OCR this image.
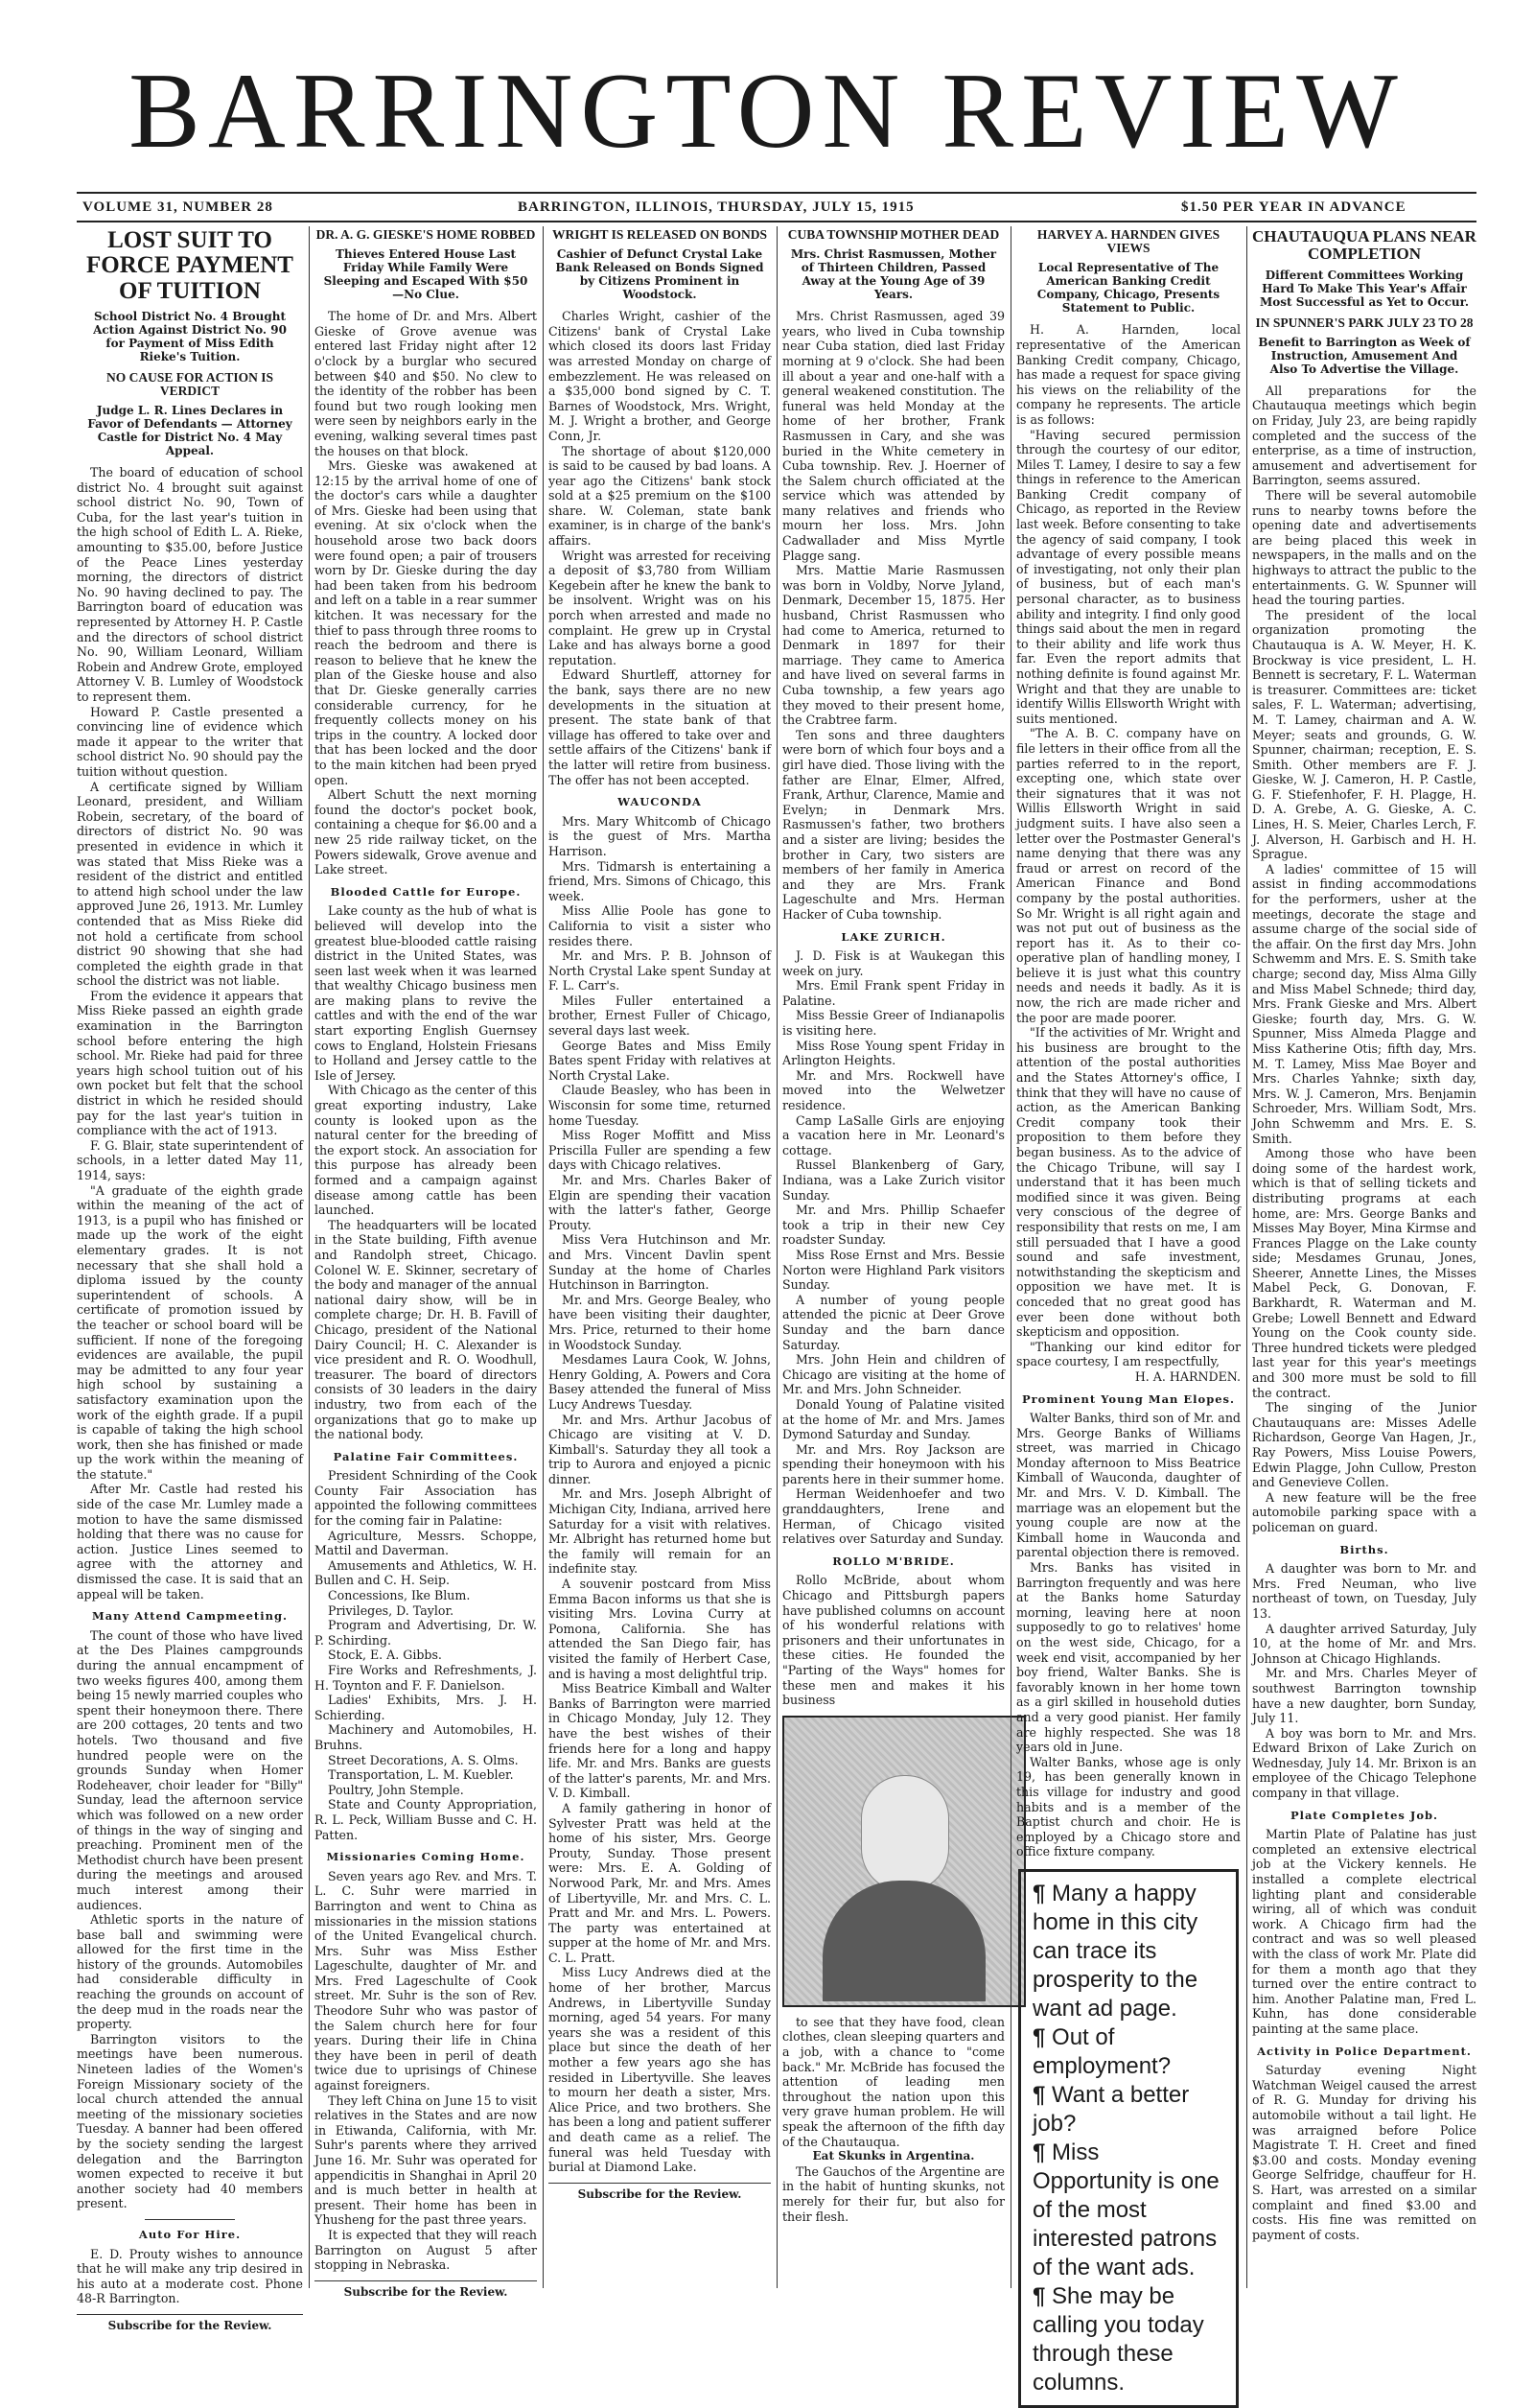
BARRINGTON REVIEW
VOLUME 31, NUMBER 28	BARRINGTON, ILLINOIS, THURSDAY, JULY 15, 1915	$1.50 PER YEAR IN ADVANCE
LOST SUIT TO FORCE PAYMENT OF TUITION
School District No. 4 Brought Action Against District No. 90 for Payment of Miss Edith Rieke's Tuition.
NO CAUSE FOR ACTION IS VERDICT
Judge L. R. Lines Declares in Favor of Defendants — Attorney Castle for District No. 4 May Appeal.

The board of education of school district No. 4 brought suit against school district No. 90, Town of Cuba, for the last year's tuition in the high school of Edith L. A. Rieke, amounting to $35.00, before Justice of the Peace Lines yesterday morning, the directors of district No. 90 having declined to pay. The Barrington board of education was represented by Attorney H. P. Castle and the directors of school district No. 90, William Leonard, William Robein and Andrew Grote, employed Attorney V. B. Lumley of Woodstock to represent them.

Howard P. Castle presented a convincing line of evidence which made it appear to the writer that school district No. 90 should pay the tuition without question.

A certificate signed by William Leonard, president, and William Robein, secretary, of the board of directors of district No. 90 was presented in evidence in which it was stated that Miss Rieke was a resident of the district and entitled to attend high school under the law approved June 26, 1913. Mr. Lumley contended that as Miss Rieke did not hold a certificate from school district 90 showing that she had completed the eighth grade in that school the district was not liable.

From the evidence it appears that Miss Rieke passed an eighth grade examination in the Barrington school before entering the high school. Mr. Rieke had paid for three years high school tuition out of his own pocket but felt that the school district in which he resided should pay for the last year's tuition in compliance with the act of 1913.

F. G. Blair, state superintendent of schools, in a letter dated May 11, 1914, says:

"A graduate of the eighth grade within the meaning of the act of 1913, is a pupil who has finished or made up the work of the eight elementary grades. It is not necessary that she shall hold a diploma issued by the county superintendent of schools. A certificate of promotion issued by the teacher or school board will be sufficient. If none of the foregoing evidences are available, the pupil may be admitted to any four year high school by sustaining a satisfactory examination upon the work of the eighth grade. If a pupil is capable of taking the high school work, then she has finished or made up the work within the meaning of the statute."

After Mr. Castle had rested his side of the case Mr. Lumley made a motion to have the same dismissed holding that there was no cause for action. Justice Lines seemed to agree with the attorney and dismissed the case. It is said that an appeal will be taken.

Many Attend Campmeeting.

The count of those who have lived at the Des Plaines campgrounds during the annual encampment of two weeks figures 400, among them being 15 newly married couples who spent their honeymoon there. There are 200 cottages, 20 tents and two hotels. Two thousand and five hundred people were on the grounds Sunday when Homer Rodeheaver, choir leader for "Billy" Sunday, lead the afternoon service which was followed on a new order of things in the way of singing and preaching. Prominent men of the Methodist church have been present during the meetings and aroused much interest among their audiences.

Athletic sports in the nature of base ball and swimming were allowed for the first time in the history of the grounds. Automobiles had considerable difficulty in reaching the grounds on account of the deep mud in the roads near the property.

Barrington visitors to the meetings have been numerous. Nineteen ladies of the Women's Foreign Missionary society of the local church attended the annual meeting of the missionary societies Tuesday. A banner had been offered by the society sending the largest delegation and the Barrington women expected to receive it but another society had 40 members present.

Auto For Hire.

E. D. Prouty wishes to announce that he will make any trip desired in his auto at a moderate cost. Phone 48-R Barrington.

Subscribe for the Review.
DR. A. G. GIESKE'S HOME ROBBED
Thieves Entered House Last Friday While Family Were Sleeping and Escaped With $50—No Clue.

The home of Dr. and Mrs. Albert Gieske of Grove avenue was entered last Friday night after 12 o'clock by a burglar who secured between $40 and $50. No clew to the identity of the robber has been found but two rough looking men were seen by neighbors early in the evening, walking several times past the houses on that block.

Mrs. Gieske was awakened at 12:15 by the arrival home of one of the doctor's cars while a daughter of Mrs. Gieske had been using that evening. At six o'clock when the household arose two back doors were found open; a pair of trousers worn by Dr. Gieske during the day had been taken from his bedroom and left on a table in a rear summer kitchen. It was necessary for the thief to pass through three rooms to reach the bedroom and there is reason to believe that he knew the plan of the Gieske house and also that Dr. Gieske generally carries considerable currency, for he frequently collects money on his trips in the country. A locked door that has been locked and the door to the main kitchen had been pryed open.

Albert Schutt the next morning found the doctor's pocket book, containing a cheque for $6.00 and a new 25 ride railway ticket, on the Powers sidewalk, Grove avenue and Lake street.

Blooded Cattle for Europe.

Lake county as the hub of what is believed will develop into the greatest blue-blooded cattle raising district in the United States, was seen last week when it was learned that wealthy Chicago business men are making plans to revive the cattles and with the end of the war start exporting English Guernsey cows to England, Holstein Friesans to Holland and Jersey cattle to the Isle of Jersey.

With Chicago as the center of this great exporting industry, Lake county is looked upon as the natural center for the breeding of the export stock. An association for this purpose has already been formed and a campaign against disease among cattle has been launched.

The headquarters will be located in the State building, Fifth avenue and Randolph street, Chicago. Colonel W. E. Skinner, secretary of the body and manager of the annual national dairy show, will be in complete charge; Dr. H. B. Favill of Chicago, president of the National Dairy Council; H. C. Alexander is vice president and R. O. Woodhull, treasurer. The board of directors consists of 30 leaders in the dairy industry, two from each of the organizations that go to make up the national body.

Palatine Fair Committees.

President Schnirding of the Cook County Fair Association has appointed the following committees for the coming fair in Palatine:

Agriculture, Messrs. Schoppe, Mattil and Daverman.

Amusements and Athletics, W. H. Bullen and C. H. Seip.

Concessions, Ike Blum.

Privileges, D. Taylor.

Program and Advertising, Dr. W. P. Schirding.

Stock, E. A. Gibbs.

Fire Works and Refreshments, J. H. Toynton and F. F. Danielson.

Ladies' Exhibits, Mrs. J. H. Schierding.

Machinery and Automobiles, H. Bruhns.

Street Decorations, A. S. Olms.

Transportation, L. M. Kuebler.

Poultry, John Stemple.

State and County Appropriation, R. L. Peck, William Busse and C. H. Patten.

Missionaries Coming Home.

Seven years ago Rev. and Mrs. T. L. C. Suhr were married in Barrington and went to China as missionaries in the mission stations of the United Evangelical church. Mrs. Suhr was Miss Esther Lageschulte, daughter of Mr. and Mrs. Fred Lageschulte of Cook street. Mr. Suhr is the son of Rev. Theodore Suhr who was pastor of the Salem church here for four years. During their life in China they have been in peril of death twice due to uprisings of Chinese against foreigners.

They left China on June 15 to visit relatives in the States and are now in Etiwanda, California, with Mr. Suhr's parents where they arrived June 16. Mr. Suhr was operated for appendicitis in Shanghai in April 20 and is much better in health at present. Their home has been in Yhusheng for the past three years.

It is expected that they will reach Barrington on August 5 after stopping in Nebraska.

Subscribe for the Review.
WRIGHT IS RELEASED ON BONDS
Cashier of Defunct Crystal Lake Bank Released on Bonds Signed by Citizens Prominent in Woodstock.

Charles Wright, cashier of the Citizens' bank of Crystal Lake which closed its doors last Friday was arrested Monday on charge of embezzlement. He was released on a $35,000 bond signed by C. T. Barnes of Woodstock, Mrs. Wright, M. J. Wright a brother, and George Conn, Jr.

The shortage of about $120,000 is said to be caused by bad loans. A year ago the Citizens' bank stock sold at a $25 premium on the $100 share. W. Coleman, state bank examiner, is in charge of the bank's affairs.

Wright was arrested for receiving a deposit of $3,780 from William Kegebein after he knew the bank to be insolvent. Wright was on his porch when arrested and made no complaint. He grew up in Crystal Lake and has always borne a good reputation.

Edward Shurtleff, attorney for the bank, says there are no new developments in the situation at present. The state bank of that village has offered to take over and settle affairs of the Citizens' bank if the latter will retire from business. The offer has not been accepted.

WAUCONDA

Mrs. Mary Whitcomb of Chicago is the guest of Mrs. Martha Harrison.

Mrs. Tidmarsh is entertaining a friend, Mrs. Simons of Chicago, this week.

Miss Allie Poole has gone to California to visit a sister who resides there.

Mr. and Mrs. P. B. Johnson of North Crystal Lake spent Sunday at F. L. Carr's.

Miles Fuller entertained a brother, Ernest Fuller of Chicago, several days last week.

George Bates and Miss Emily Bates spent Friday with relatives at North Crystal Lake.

Claude Beasley, who has been in Wisconsin for some time, returned home Tuesday.

Miss Roger Moffitt and Miss Priscilla Fuller are spending a few days with Chicago relatives.

Mr. and Mrs. Charles Baker of Elgin are spending their vacation with the latter's father, George Prouty.

Miss Vera Hutchinson and Mr. and Mrs. Vincent Davlin spent Sunday at the home of Charles Hutchinson in Barrington.

Mr. and Mrs. George Bealey, who have been visiting their daughter, Mrs. Price, returned to their home in Woodstock Sunday.

Mesdames Laura Cook, W. Johns, Henry Golding, A. Powers and Cora Basey attended the funeral of Miss Lucy Andrews Tuesday.

Mr. and Mrs. Arthur Jacobus of Chicago are visiting at V. D. Kimball's. Saturday they all took a trip to Aurora and enjoyed a picnic dinner.

Mr. and Mrs. Joseph Albright of Michigan City, Indiana, arrived here Saturday for a visit with relatives. Mr. Albright has returned home but the family will remain for an indefinite stay.

A souvenir postcard from Miss Emma Bacon informs us that she is visiting Mrs. Lovina Curry at Pomona, California. She has attended the San Diego fair, has visited the family of Herbert Case, and is having a most delightful trip.

Miss Beatrice Kimball and Walter Banks of Barrington were married in Chicago Monday, July 12. They have the best wishes of their friends here for a long and happy life. Mr. and Mrs. Banks are guests of the latter's parents, Mr. and Mrs. V. D. Kimball.

A family gathering in honor of Sylvester Pratt was held at the home of his sister, Mrs. George Prouty, Sunday. Those present were: Mrs. E. A. Golding of Norwood Park, Mr. and Mrs. Ames of Libertyville, Mr. and Mrs. C. L. Pratt and Mr. and Mrs. L. Powers. The party was entertained at supper at the home of Mr. and Mrs. C. L. Pratt.

Miss Lucy Andrews died at the home of her brother, Marcus Andrews, in Libertyville Sunday morning, aged 54 years. For many years she was a resident of this place but since the death of her mother a few years ago she has resided in Libertyville. She leaves to mourn her death a sister, Mrs. Alice Price, and two brothers. She has been a long and patient sufferer and death came as a relief. The funeral was held Tuesday with burial at Diamond Lake.

Subscribe for the Review.
CUBA TOWNSHIP MOTHER DEAD
Mrs. Christ Rasmussen, Mother of Thirteen Children, Passed Away at the Young Age of 39 Years.

Mrs. Christ Rasmussen, aged 39 years, who lived in Cuba township near Cuba station, died last Friday morning at 9 o'clock. She had been ill about a year and one-half with a general weakened constitution. The funeral was held Monday at the home of her brother, Frank Rasmussen in Cary, and she was buried in the White cemetery in Cuba township. Rev. J. Hoerner of the Salem church officiated at the service which was attended by many relatives and friends who mourn her loss. Mrs. John Cadwallader and Miss Myrtle Plagge sang.

Mrs. Mattie Marie Rasmussen was born in Voldby, Norve Jyland, Denmark, December 15, 1875. Her husband, Christ Rasmussen who had come to America, returned to Denmark in 1897 for their marriage. They came to America and have lived on several farms in Cuba township, a few years ago they moved to their present home, the Crabtree farm.

Ten sons and three daughters were born of which four boys and a girl have died. Those living with the father are Elnar, Elmer, Alfred, Frank, Arthur, Clarence, Mamie and Evelyn; in Denmark Mrs. Rasmussen's father, two brothers and a sister are living; besides the brother in Cary, two sisters are members of her family in America and they are Mrs. Frank Lageschulte and Mrs. Herman Hacker of Cuba township.

LAKE ZURICH.

J. D. Fisk is at Waukegan this week on jury.

Mrs. Emil Frank spent Friday in Palatine.

Miss Bessie Greer of Indianapolis is visiting here.

Miss Rose Young spent Friday in Arlington Heights.

Mr. and Mrs. Rockwell have moved into the Welwetzer residence.

Camp LaSalle Girls are enjoying a vacation here in Mr. Leonard's cottage.

Russel Blankenberg of Gary, Indiana, was a Lake Zurich visitor Sunday.

Mr. and Mrs. Phillip Schaefer took a trip in their new Cey roadster Sunday.

Miss Rose Ernst and Mrs. Bessie Norton were Highland Park visitors Sunday.

A number of young people attended the picnic at Deer Grove Sunday and the barn dance Saturday.

Mrs. John Hein and children of Chicago are visiting at the home of Mr. and Mrs. John Schneider.

Donald Young of Palatine visited at the home of Mr. and Mrs. James Dymond Saturday and Sunday.

Mr. and Mrs. Roy Jackson are spending their honeymoon with his parents here in their summer home.

Herman Weidenhoefer and two granddaughters, Irene and Herman, of Chicago visited relatives over Saturday and Sunday.

ROLLO M'BRIDE.

Rollo McBride, about whom Chicago and Pittsburgh papers have published columns on account of his wonderful relations with prisoners and their unfortunates in these cities. He founded the "Parting of the Ways" homes for these men and makes it his business

to see that they have food, clean clothes, clean sleeping quarters and a job, with a chance to "come back." Mr. McBride has focused the attention of leading men throughout the nation upon this very grave human problem. He will speak the afternoon of the fifth day of the Chautauqua.

Eat Skunks in Argentina.

The Gauchos of the Argentine are in the habit of hunting skunks, not merely for their fur, but also for their flesh.

HARVEY A. HARNDEN GIVES VIEWS
Local Representative of The American Banking Credit Company, Chicago, Presents Statement to Public.

H. A. Harnden, local representative of the American Banking Credit company, Chicago, has made a request for space giving his views on the reliability of the company he represents. The article is as follows:

"Having secured permission through the courtesy of our editor, Miles T. Lamey, I desire to say a few things in reference to the American Banking Credit company of Chicago, as reported in the Review last week. Before consenting to take the agency of said company, I took advantage of every possible means of investigating, not only their plan of business, but of each man's personal character, as to business ability and integrity. I find only good things said about the men in regard to their ability and life work thus far. Even the report admits that nothing definite is found against Mr. Wright and that they are unable to identify Willis Ellsworth Wright with suits mentioned.

"The A. B. C. company have on file letters in their office from all the parties referred to in the report, excepting one, which state over their signatures that it was not Willis Ellsworth Wright in said judgment suits. I have also seen a letter over the Postmaster General's name denying that there was any fraud or arrest on record of the American Finance and Bond company by the postal authorities. So Mr. Wright is all right again and was not put out of business as the report has it. As to their co-operative plan of handling money, I believe it is just what this country needs and needs it badly. As it is now, the rich are made richer and the poor are made poorer.

"If the activities of Mr. Wright and his business are brought to the attention of the postal authorities and the States Attorney's office, I think that they will have no cause of action, as the American Banking Credit company took their proposition to them before they began business. As to the advice of the Chicago Tribune, will say I understand that it has been much modified since it was given. Being very conscious of the degree of responsibility that rests on me, I am still persuaded that I have a good sound and safe investment, notwithstanding the skepticism and opposition we have met. It is conceded that no great good has ever been done without both skepticism and opposition.

"Thanking our kind editor for space courtesy, I am respectfully,

H. A. HARNDEN.

Prominent Young Man Elopes.

Walter Banks, third son of Mr. and Mrs. George Banks of Williams street, was married in Chicago Monday afternoon to Miss Beatrice Kimball of Wauconda, daughter of Mr. and Mrs. V. D. Kimball. The marriage was an elopement but the young couple are now at the Kimball home in Wauconda and parental objection there is removed.

Mrs. Banks has visited in Barrington frequently and was here at the Banks home Saturday morning, leaving here at noon supposedly to go to relatives' home on the west side, Chicago, for a week end visit, accompanied by her boy friend, Walter Banks. She is favorably known in her home town as a girl skilled in household duties and a very good pianist. Her family are highly respected. She was 18 years old in June.

Walter Banks, whose age is only 19, has been generally known in this village for industry and good habits and is a member of the Baptist church and choir. He is employed by a Chicago store and office fixture company.

¶ Many a happy home in this city can trace its prosperity to the want ad page.

¶ Out of employment?

¶ Want a better job?

¶ Miss Opportunity is one of the most interested patrons of the want ads.

¶ She may be calling you today through these columns.

CHAUTAUQUA PLANS NEAR COMPLETION
Different Committees Working Hard To Make This Year's Affair Most Successful as Yet to Occur.
IN SPUNNER'S PARK JULY 23 TO 28
Benefit to Barrington as Week of Instruction, Amusement And Also To Advertise the Village.

All preparations for the Chautauqua meetings which begin on Friday, July 23, are being rapidly completed and the success of the enterprise, as a time of instruction, amusement and advertisement for Barrington, seems assured.

There will be several automobile runs to nearby towns before the opening date and advertisements are being placed this week in newspapers, in the malls and on the highways to attract the public to the entertainments. G. W. Spunner will head the touring parties.

The president of the local organization promoting the Chautauqua is A. W. Meyer, H. K. Brockway is vice president, L. H. Bennett is secretary, F. L. Waterman is treasurer. Committees are: ticket sales, F. L. Waterman; advertising, M. T. Lamey, chairman and A. W. Meyer; seats and grounds, G. W. Spunner, chairman; reception, E. S. Smith. Other members are F. J. Gieske, W. J. Cameron, H. P. Castle, G. F. Stiefenhofer, F. H. Plagge, H. D. A. Grebe, A. G. Gieske, A. C. Lines, H. S. Meier, Charles Lerch, F. J. Alverson, H. Garbisch and H. H. Sprague.

A ladies' committee of 15 will assist in finding accommodations for the performers, usher at the meetings, decorate the stage and assume charge of the social side of the affair. On the first day Mrs. John Schwemm and Mrs. E. S. Smith take charge; second day, Miss Alma Gilly and Miss Mabel Schnede; third day, Mrs. Frank Gieske and Mrs. Albert Gieske; fourth day, Mrs. G. W. Spunner, Miss Almeda Plagge and Miss Katherine Otis; fifth day, Mrs. M. T. Lamey, Miss Mae Boyer and Mrs. Charles Yahnke; sixth day, Mrs. W. J. Cameron, Mrs. Benjamin Schroeder, Mrs. William Sodt, Mrs. John Schwemm and Mrs. E. S. Smith.

Among those who have been doing some of the hardest work, which is that of selling tickets and distributing programs at each home, are: Mrs. George Banks and Misses May Boyer, Mina Kirmse and Frances Plagge on the Lake county side; Mesdames Grunau, Jones, Sheerer, Annette Lines, the Misses Mabel Peck, G. Donovan, F. Barkhardt, R. Waterman and M. Grebe; Lowell Bennett and Edward Young on the Cook county side. Three hundred tickets were pledged last year for this year's meetings and 300 more must be sold to fill the contract.

The singing of the Junior Chautauquans are: Misses Adelle Richardson, George Van Hagen, Jr., Ray Powers, Miss Louise Powers, Edwin Plagge, John Cullow, Preston and Genevieve Collen.

A new feature will be the free automobile parking space with a policeman on guard.

Births.

A daughter was born to Mr. and Mrs. Fred Neuman, who live northeast of town, on Tuesday, July 13.

A daughter arrived Saturday, July 10, at the home of Mr. and Mrs. Johnson at Chicago Highlands.

Mr. and Mrs. Charles Meyer of southwest Barrington township have a new daughter, born Sunday, July 11.

A boy was born to Mr. and Mrs. Edward Brixon of Lake Zurich on Wednesday, July 14. Mr. Brixon is an employee of the Chicago Telephone company in that village.

Plate Completes Job.

Martin Plate of Palatine has just completed an extensive electrical job at the Vickery kennels. He installed a complete electrical lighting plant and considerable wiring, all of which was conduit work. A Chicago firm had the contract and was so well pleased with the class of work Mr. Plate did for them a month ago that they turned over the entire contract to him. Another Palatine man, Fred L. Kuhn, has done considerable painting at the same place.

Activity in Police Department.

Saturday evening Night Watchman Weigel caused the arrest of R. G. Munday for driving his automobile without a tail light. He was arraigned before Police Magistrate T. H. Creet and fined $3.00 and costs. Monday evening George Selfridge, chauffeur for H. S. Hart, was arrested on a similar complaint and fined $3.00 and costs. His fine was remitted on payment of costs.
